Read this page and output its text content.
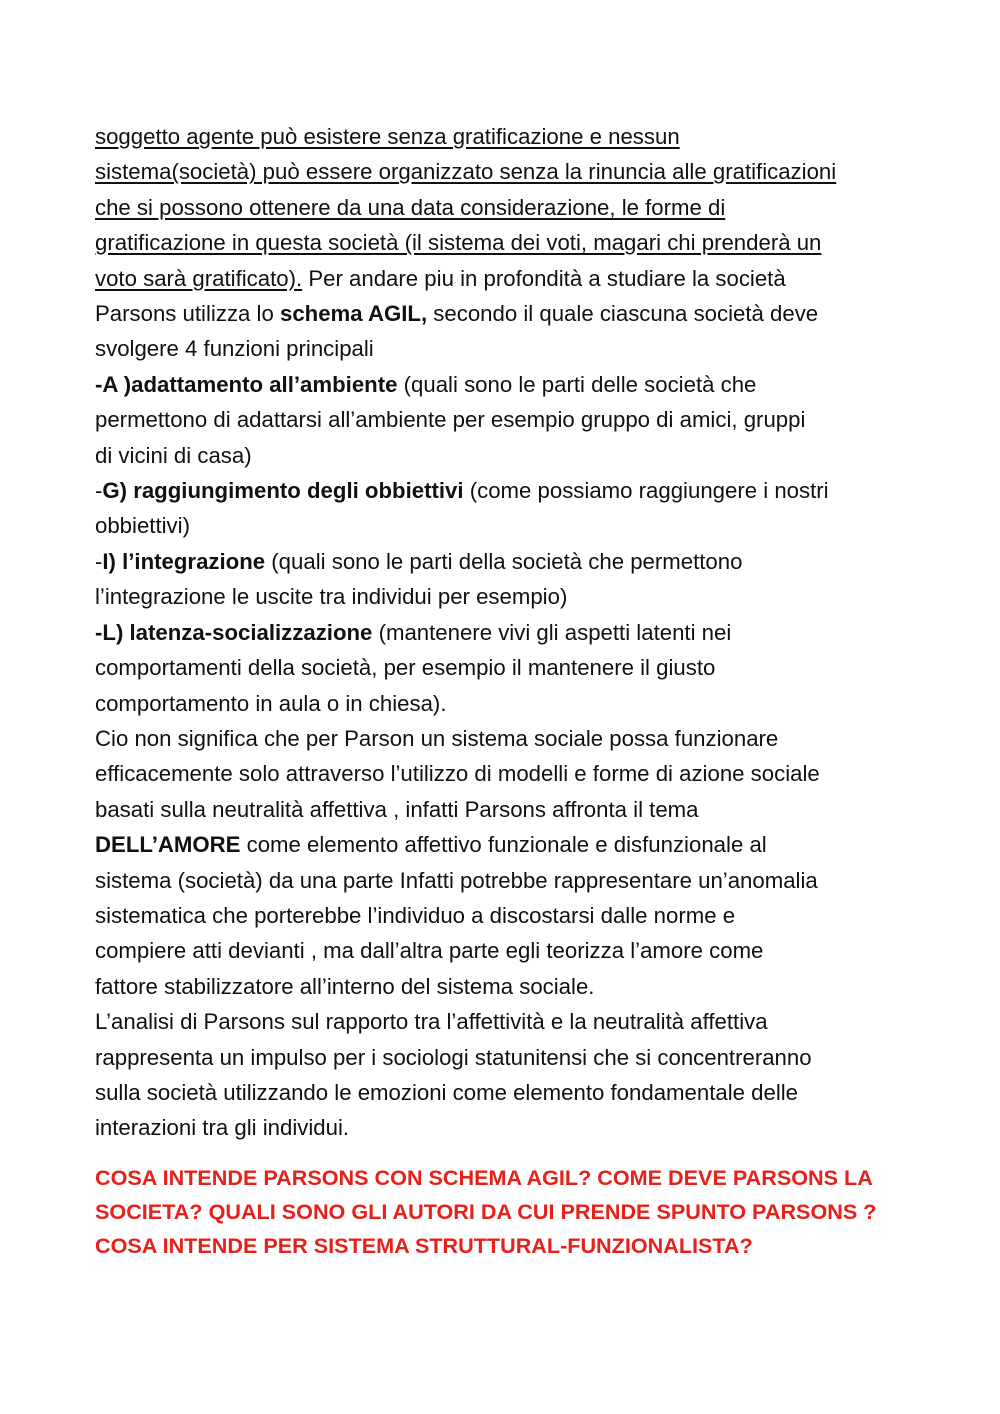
soggetto agente può esistere senza gratificazione e nessun
sistema(società) può essere organizzato senza la rinuncia alle gratificazioni
che si possono ottenere da una data considerazione, le forme di
gratificazione in questa società (il sistema dei voti, magari chi prenderà un
voto sarà gratificato). Per andare piu in profondità a studiare la società
Parsons utilizza lo schema AGIL, secondo il quale ciascuna società deve
svolgere 4 funzioni principali
-A )adattamento all’ambiente (quali sono le parti delle società che
permettono di adattarsi all’ambiente per esempio gruppo di amici, gruppi
di vicini di casa)
-G) raggiungimento degli obbiettivi (come possiamo raggiungere i nostri
obbiettivi)
-I) l’integrazione (quali sono le parti della società che permettono
l’integrazione le uscite tra individui per esempio)
-L) latenza-socializzazione (mantenere vivi gli aspetti latenti nei
comportamenti della società, per esempio il mantenere il giusto
comportamento in aula o in chiesa).
Cio non significa che per Parson un sistema sociale possa funzionare
efficacemente solo attraverso l’utilizzo di modelli e forme di azione sociale
basati sulla neutralità affettiva , infatti Parsons affronta il tema
DELL’AMORE come elemento affettivo funzionale e disfunzionale al
sistema (società) da una parte Infatti potrebbe rappresentare un’anomalia
sistematica che porterebbe l’individuo a discostarsi dalle norme e
compiere atti devianti , ma dall’altra parte egli teorizza l’amore come
fattore stabilizzatore all’interno del sistema sociale.
L’analisi di Parsons sul rapporto tra l’affettività e la neutralità affettiva
rappresenta un impulso per i sociologi statunitensi che si concentreranno
sulla società utilizzando le emozioni come elemento fondamentale delle
interazioni tra gli individui.
COSA INTENDE PARSONS CON SCHEMA AGIL? COME DEVE PARSONS LA
SOCIETA? QUALI SONO GLI AUTORI DA CUI PRENDE SPUNTO PARSONS ?
COSA INTENDE PER SISTEMA STRUTTURAL-FUNZIONALISTA?
